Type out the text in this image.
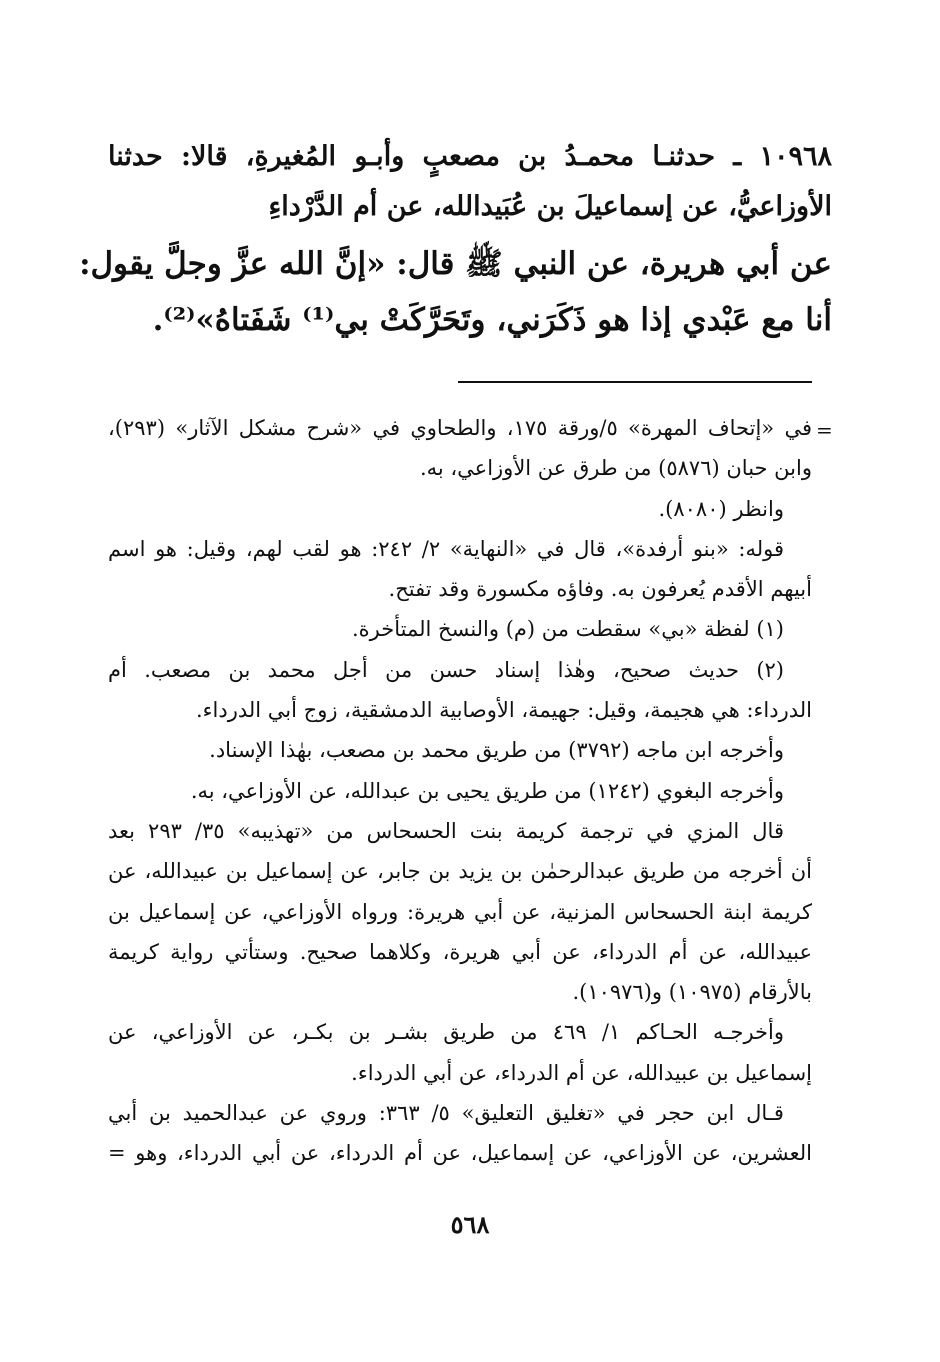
١٠٩٦٨ ـ حدثنـا محمـدُ بن مصعبٍ وأبـو المُغيرةِ، قالا: حدثنا
الأوزاعيُّ، عن إسماعيلَ بن عُبَيدالله، عن أم الدَّرْداءِ
عن أبي هريرة، عن النبي ﷺ قال: «إنَّ الله عزَّ وجلَّ يقول:
أنا مع عَبْدي إذا هو ذَكَرَني، وتَحَرَّكَتْ بي⁽¹⁾ شَفَتاهُ»⁽²⁾.
=
في «إتحاف المهرة» ٥/ورقة ١٧٥، والطحاوي في «شرح مشكل الآثار» (٢٩٣)،
وابن حبان (٥٨٧٦) من طرق عن الأوزاعي، به.
وانظر (٨٠٨٠).
قوله: «بنو أرفدة»، قال في «النهاية» ٢/ ٢٤٢: هو لقب لهم، وقيل: هو اسم
أبيهم الأقدم يُعرفون به. وفاؤه مكسورة وقد تفتح.
(١) لفظة «بي» سقطت من (م) والنسخ المتأخرة.
(٢) حديث صحيح، وهٰذا إسناد حسن من أجل محمد بن مصعب. أم
الدرداء: هي هجيمة، وقيل: جهيمة، الأوصابية الدمشقية، زوج أبي الدرداء.
وأخرجه ابن ماجه (٣٧٩٢) من طريق محمد بن مصعب، بهٰذا الإسناد.
وأخرجه البغوي (١٢٤٢) من طريق يحيى بن عبدالله، عن الأوزاعي، به.
قال المزي في ترجمة كريمة بنت الحسحاس من «تهذيبه» ٣٥/ ٢٩٣ بعد
أن أخرجه من طريق عبدالرحمٰن بن يزيد بن جابر، عن إسماعيل بن عبيدالله، عن
كريمة ابنة الحسحاس المزنية، عن أبي هريرة: ورواه الأوزاعي، عن إسماعيل بن
عبيدالله، عن أم الدرداء، عن أبي هريرة، وكلاهما صحيح. وستأتي رواية كريمة
بالأرقام (١٠٩٧٥) و(١٠٩٧٦).
وأخرجـه الحـاكم ١/ ٤٦٩ من طريق بشـر بن بكـر، عن الأوزاعي، عن
إسماعيل بن عبيدالله، عن أم الدرداء، عن أبي الدرداء.
قـال ابن حجر في «تغليق التعليق» ٥/ ٣٦٣: وروي عن عبدالحميد بن أبي
العشرين، عن الأوزاعي، عن إسماعيل، عن أم الدرداء، عن أبي الدرداء، وهو =
٥٦٨
